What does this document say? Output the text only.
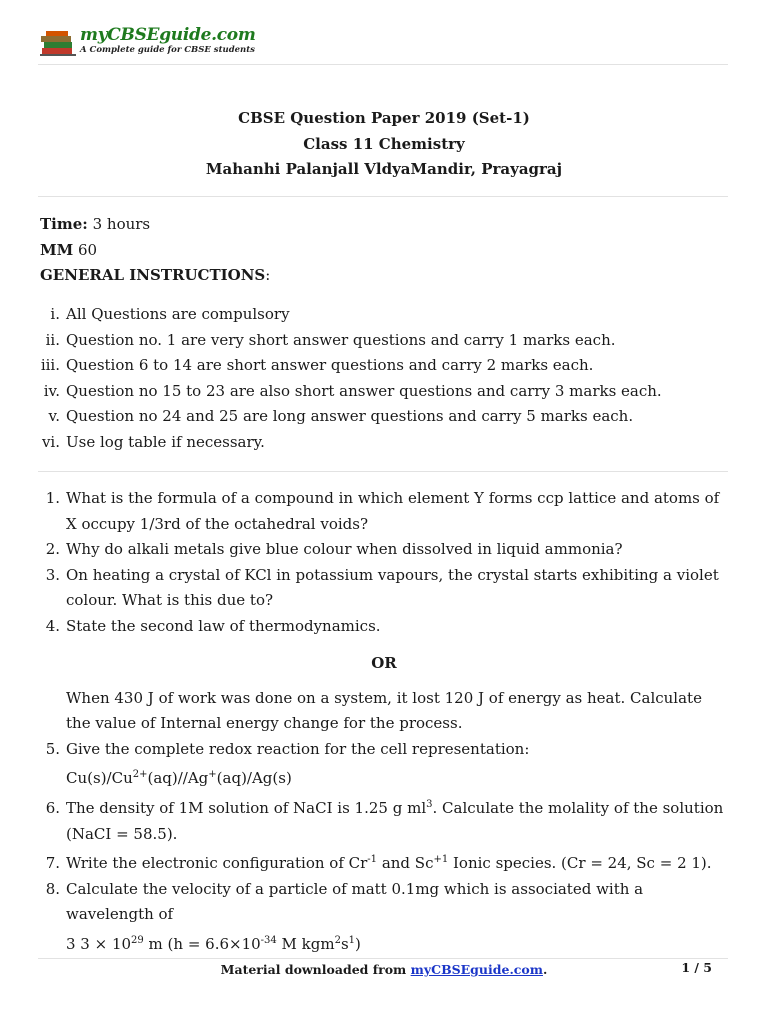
myCBSEguide.com
A Complete guide for CBSE students
CBSE Question Paper 2019 (Set-1)
Class 11 Chemistry
Mahanhi Palanjall VldyaMandir, Prayagraj
Time: 3 hours
MM 60
GENERAL INSTRUCTIONS:
i. All Questions are compulsory
ii. Question no. 1 are very short answer questions and carry 1 marks each.
iii. Question 6 to 14 are short answer questions and carry 2 marks each.
iv. Question no 15 to 23 are also short answer questions and carry 3 marks each.
v. Question no 24 and 25 are long answer questions and carry 5 marks each.
vi. Use log table if necessary.
1. What is the formula of a compound in which element Y forms ccp lattice and atoms of X occupy 1/3rd of the octahedral voids?
2. Why do alkali metals give blue colour when dissolved in liquid ammonia?
3. On heating a crystal of KCl in potassium vapours, the crystal starts exhibiting a violet colour. What is this due to?
4. State the second law of thermodynamics.
OR
When 430 J of work was done on a system, it lost 120 J of energy as heat. Calculate the value of Internal energy change for the process.
5. Give the complete redox reaction for the cell representation:
$Cu(s)/Cu^{2+}(aq)//Ag^+(aq)/Ag(s)$
6. The density of 1M solution of NaCI is 1.25 g $ml^3$. Calculate the molality of the solution (NaCI = 58.5).
7. Write the electronic configuration of $Cr^{-1}$ and $Sc^{+1}$ Ionic species. (Cr = 24, Sc = 2 1).
8. Calculate the velocity of a particle of matt 0.1mg which is associated with a wavelength of
3 $3 \times 10^{29}$ m ($h = 6.6\times 10^{-34}$ M $kgm^2s^1$)
Material downloaded from myCBSEguide.com.	1 / 5
